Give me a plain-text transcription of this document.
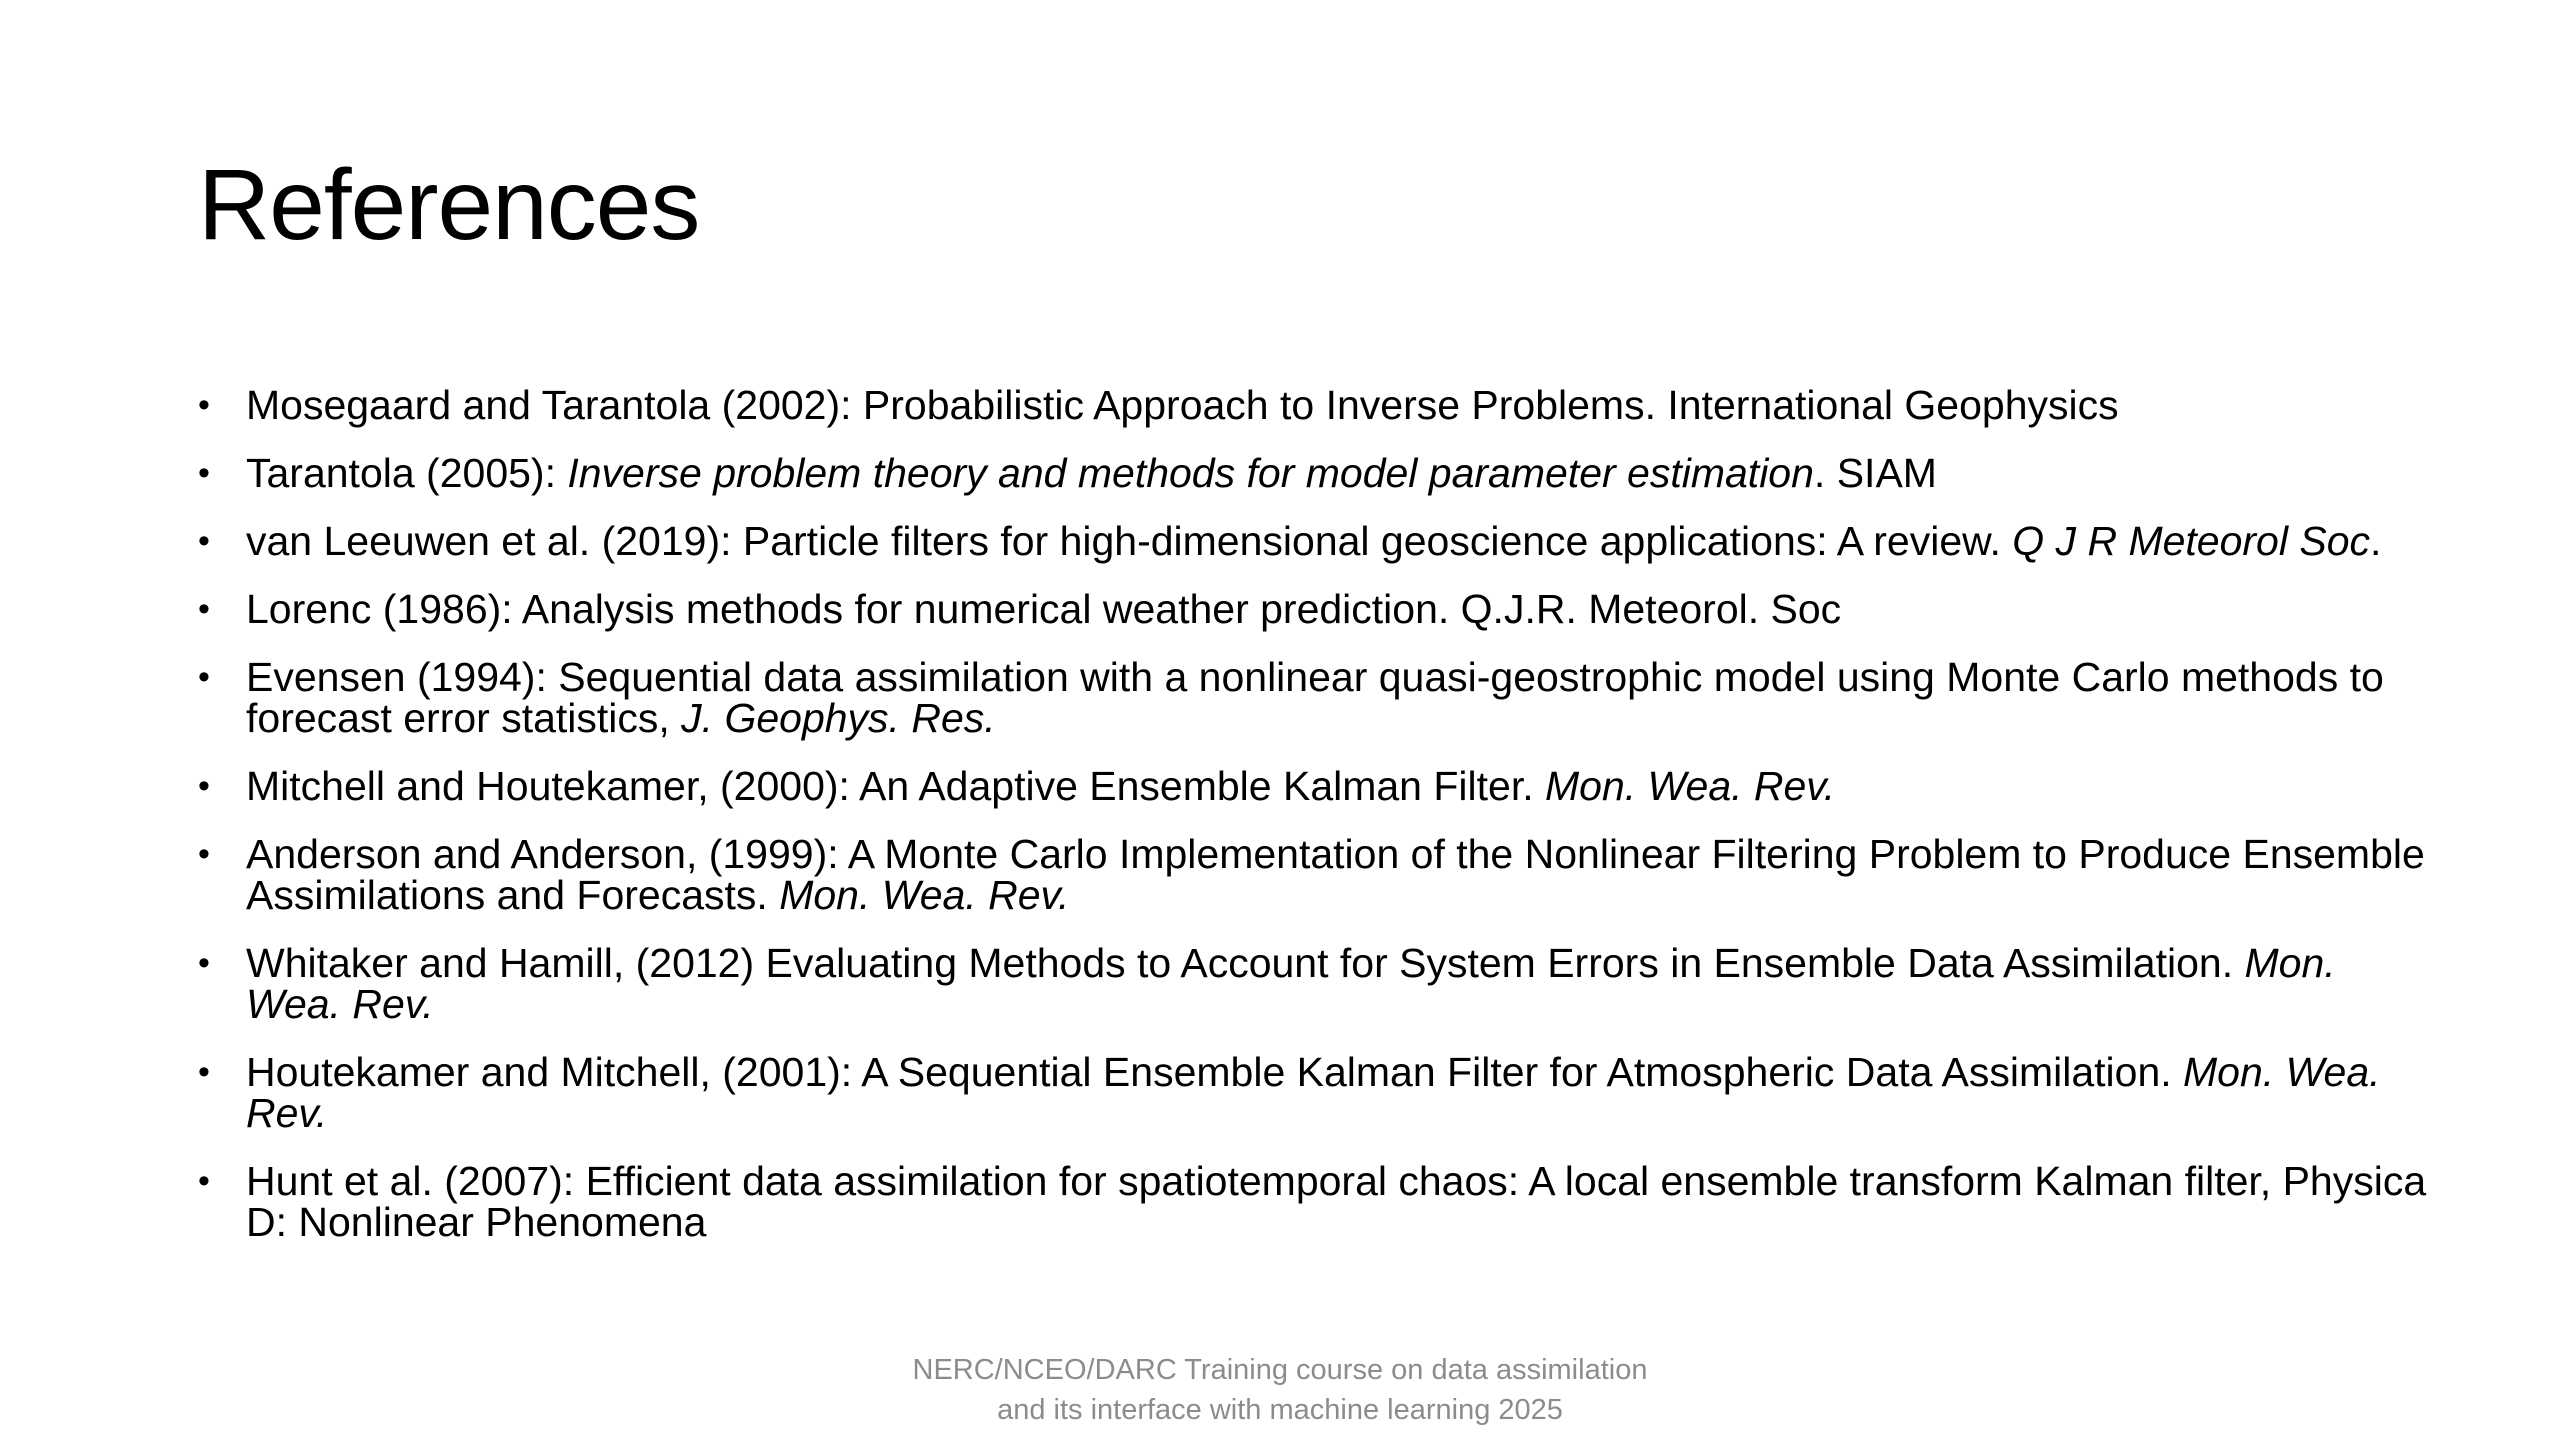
References
• Mosegaard and Tarantola (2002): Probabilistic Approach to Inverse Problems. International Geophysics
• Tarantola (2005): Inverse problem theory and methods for model parameter estimation. SIAM
• van Leeuwen et al. (2019): Particle filters for high-dimensional geoscience applications: A review. Q J R Meteorol Soc.
• Lorenc (1986): Analysis methods for numerical weather prediction. Q.J.R. Meteorol. Soc
• Evensen (1994): Sequential data assimilation with a nonlinear quasi-geostrophic model using Monte Carlo methods to forecast error statistics, J. Geophys. Res.
• Mitchell and Houtekamer, (2000): An Adaptive Ensemble Kalman Filter. Mon. Wea. Rev.
• Anderson and Anderson, (1999): A Monte Carlo Implementation of the Nonlinear Filtering Problem to Produce Ensemble Assimilations and Forecasts. Mon. Wea. Rev.
• Whitaker and Hamill, (2012) Evaluating Methods to Account for System Errors in Ensemble Data Assimilation. Mon. Wea. Rev.
• Houtekamer and Mitchell, (2001): A Sequential Ensemble Kalman Filter for Atmospheric Data Assimilation. Mon. Wea. Rev.
• Hunt et al. (2007): Efficient data assimilation for spatiotemporal chaos: A local ensemble transform Kalman filter, Physica D: Nonlinear Phenomena
NERC/NCEO/DARC Training course on data assimilation
and its interface with machine learning 2025
